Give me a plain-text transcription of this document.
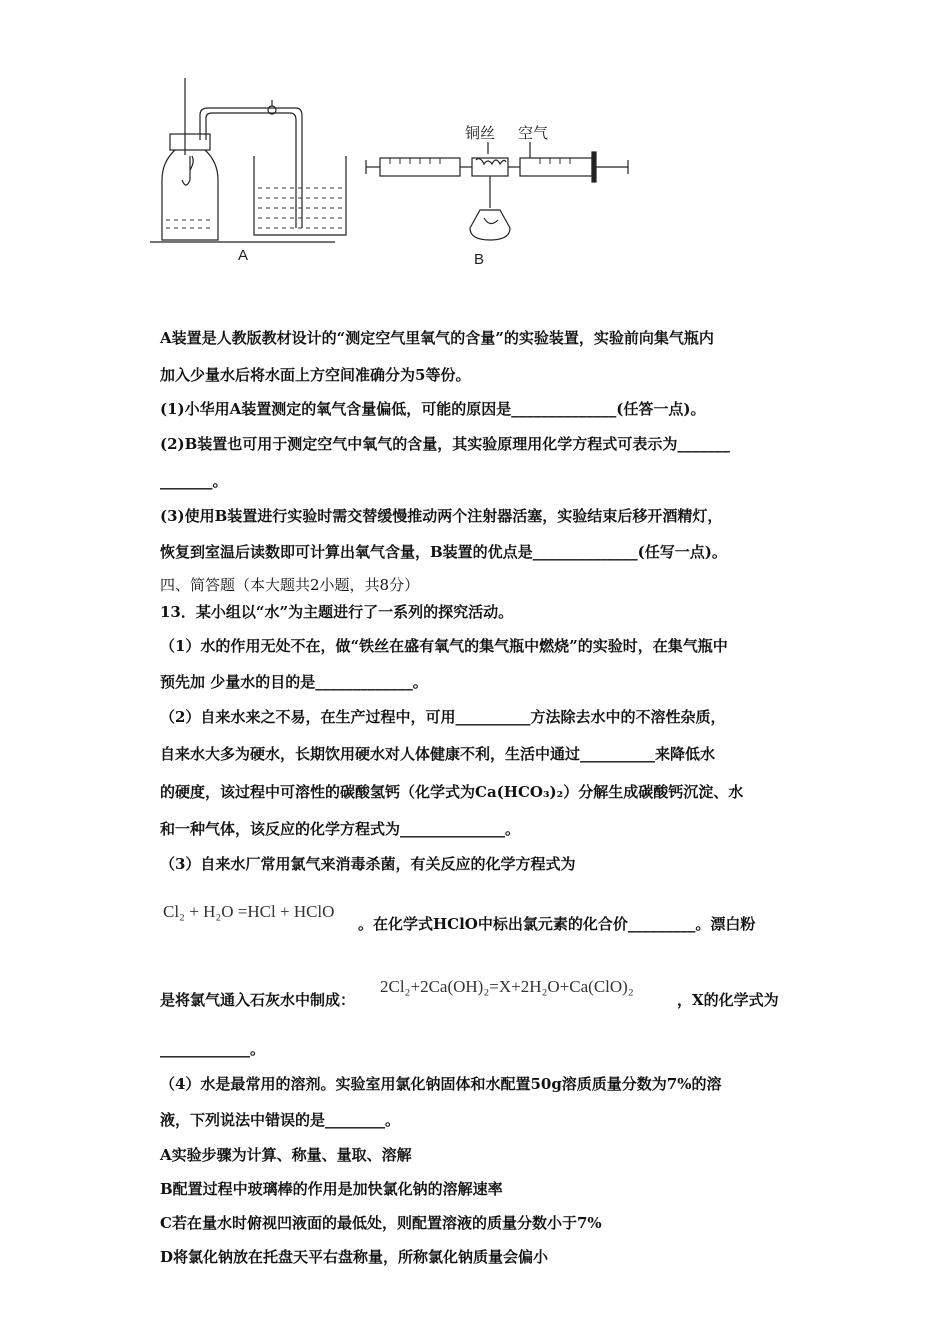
A
铜丝 空气
B
A装置是人教版教材设计的“测定空气里氧气的含量”的实验装置，实验前向集气瓶内
加入少量水后将水面上方空间准确分为5等份。
(1)小华用A装置测定的氧气含量偏低，可能的原因是______________(任答一点)。
(2)B装置也可用于测定空气中氧气的含量，其实验原理用化学方程式可表示为_______
_______。
(3)使用B装置进行实验时需交替缓慢推动两个注射器活塞，实验结束后移开酒精灯，
恢复到室温后读数即可计算出氧气含量，B装置的优点是______________(任写一点)。
四、简答题（本大题共2小题，共8分）
13．某小组以“水”为主题进行了一系列的探究活动。
（1）水的作用无处不在，做“铁丝在盛有氧气的集气瓶中燃烧”的实验时，在集气瓶中
预先加 少量水的目的是_____________。
（2）自来水来之不易，在生产过程中，可用__________方法除去水中的不溶性杂质，
自来水大多为硬水，长期饮用硬水对人体健康不利，生活中通过__________来降低水
的硬度，该过程中可溶性的碳酸氢钙（化学式为Ca(HCO₃)₂）分解生成碳酸钙沉淀、水
和一种气体，该反应的化学方程式为______________。
（3）自来水厂常用氯气来消毒杀菌，有关反应的化学方程式为
Cl₂ + H₂O =HCl + HClO
。在化学式HClO中标出氯元素的化合价_________。漂白粉
是将氯气通入石灰水中制成：
2Cl₂+2Ca(OH)₂=X+2H₂O+Ca(ClO)₂
，X的化学式为
____________。
（4）水是最常用的溶剂。实验室用氯化钠固体和水配置50g溶质质量分数为7%的溶
液，下列说法中错误的是________。
A实验步骤为计算、称量、量取、溶解
B配置过程中玻璃棒的作用是加快氯化钠的溶解速率
C若在量水时俯视凹液面的最低处，则配置溶液的质量分数小于7%
D将氯化钠放在托盘天平右盘称量，所称氯化钠质量会偏小
